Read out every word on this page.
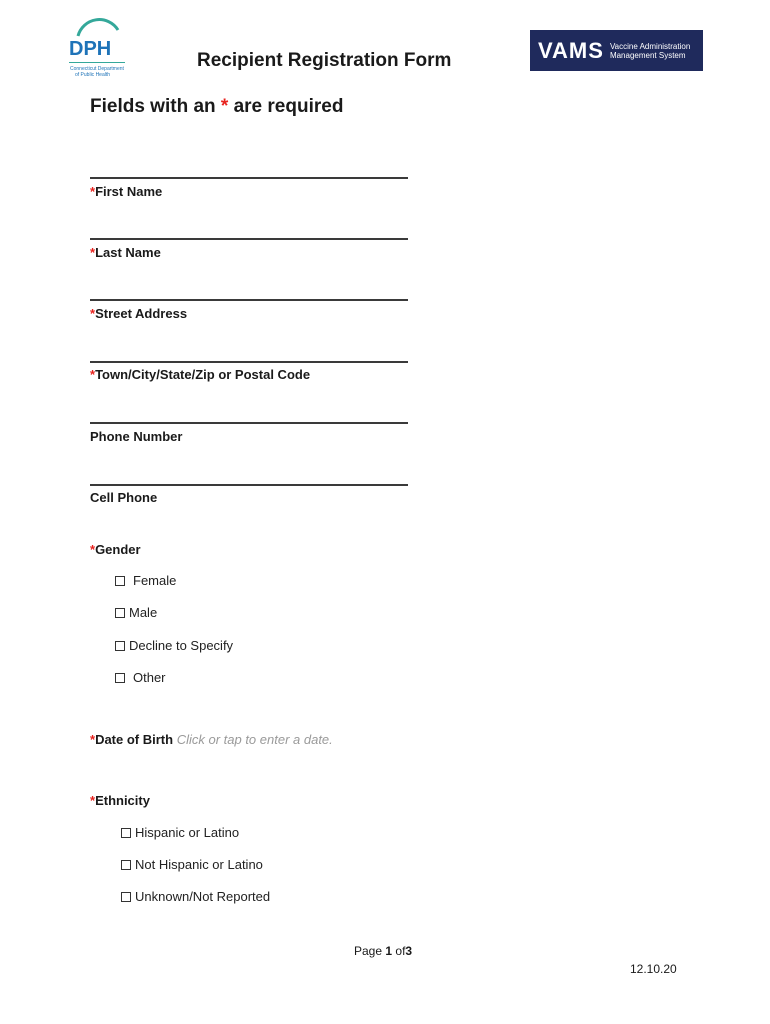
DPH
Connecticut Department
of Public Health
Recipient Registration Form	VAMS Vaccine Administration
Management System
Fields with an * are required
*First Name
*Last Name
*Street Address
*Town/City/State/Zip or Postal Code
Phone Number
Cell Phone
*Gender
Female
Male
Decline to Specify
Other
*Date of Birth Click or tap to enter a date.
*Ethnicity
Hispanic or Latino
Not Hispanic or Latino
Unknown/Not Reported
Page 1 of3
12.10.20
